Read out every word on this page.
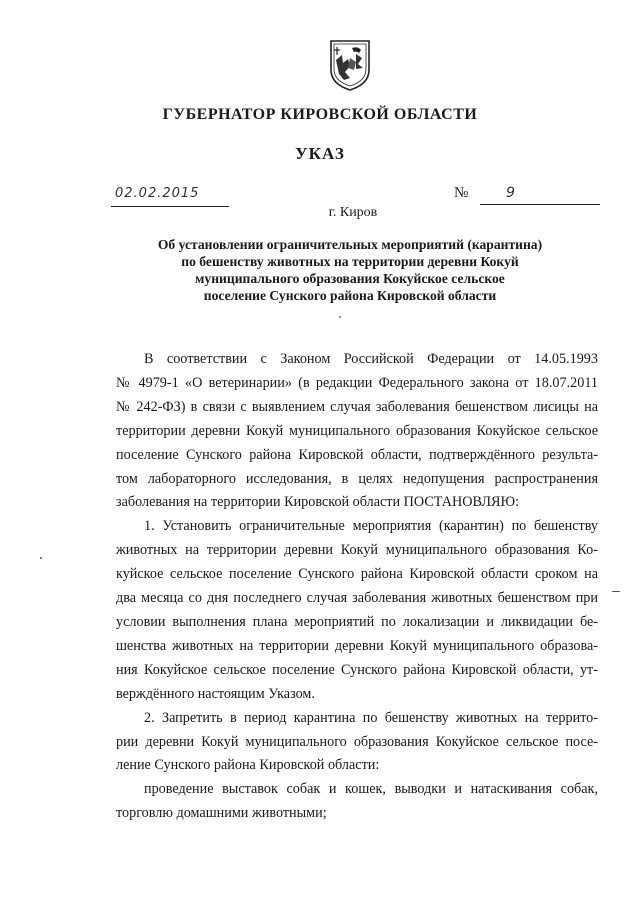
ГУБЕРНАТОР КИРОВСКОЙ ОБЛАСТИ
УКАЗ
02.02.2015	№	9
г. Киров
Об установлении ограничительных мероприятий (карантина)
по бешенству животных на территории деревни Кокуй
муниципального образования Кокуйское сельское
поселение Сунского района Кировской области
В соответствии с Законом Российской Федерации от 14.05.1993
№ 4979-1 «О ветеринарии» (в редакции Федерального закона от 18.07.2011
№ 242-ФЗ) в связи с выявлением случая заболевания бешенством лисицы на
территории деревни Кокуй муниципального образования Кокуйское сельское
поселение Сунского района Кировской области, подтверждённого результа-
том лабораторного исследования, в целях недопущения распространения
заболевания на территории Кировской области ПОСТАНОВЛЯЮ:
1. Установить ограничительные мероприятия (карантин) по бешенству
животных на территории деревни Кокуй муниципального образования Ко-
куйское сельское поселение Сунского района Кировской области сроком на
два месяца со дня последнего случая заболевания животных бешенством при
условии выполнения плана мероприятий по локализации и ликвидации бе-
шенства животных на территории деревни Кокуй муниципального образова-
ния Кокуйское сельское поселение Сунского района Кировской области, ут-
верждённого настоящим Указом.
2. Запретить в период карантина по бешенству животных на террито-
рии деревни Кокуй муниципального образования Кокуйское сельское посе-
ление Сунского района Кировской области:
проведение выставок собак и кошек, выводки и натаскивания собак,
торговлю домашними животными;
